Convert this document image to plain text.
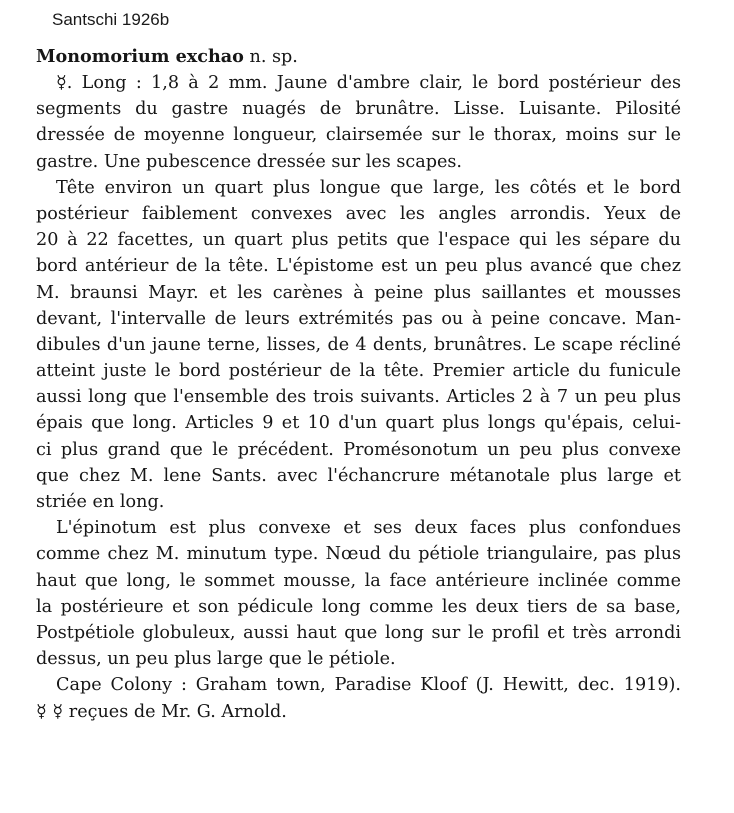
Santschi 1926b
Monomorium exchao n. sp.
☿. Long : 1,8 à 2 mm. Jaune d'ambre clair, le bord postérieur des
segments du gastre nuagés de brunâtre. Lisse. Luisante. Pilosité
dressée de moyenne longueur, clairsemée sur le thorax, moins sur le
gastre. Une pubescence dressée sur les scapes.
Tête environ un quart plus longue que large, les côtés et le bord
postérieur faiblement convexes avec les angles arrondis. Yeux de
20 à 22 facettes, un quart plus petits que l'espace qui les sépare du
bord antérieur de la tête. L'épistome est un peu plus avancé que chez
M. braunsi Mayr. et les carènes à peine plus saillantes et mousses
devant, l'intervalle de leurs extrémités pas ou à peine concave. Man-
dibules d'un jaune terne, lisses, de 4 dents, brunâtres. Le scape récliné
atteint juste le bord postérieur de la tête. Premier article du funicule
aussi long que l'ensemble des trois suivants. Articles 2 à 7 un peu plus
épais que long. Articles 9 et 10 d'un quart plus longs qu'épais, celui-
ci plus grand que le précédent. Promésonotum un peu plus convexe
que chez M. lene Sants. avec l'échancrure métanotale plus large et
striée en long.
L'épinotum est plus convexe et ses deux faces plus confondues
comme chez M. minutum type. Nœud du pétiole triangulaire, pas plus
haut que long, le sommet mousse, la face antérieure inclinée comme
la postérieure et son pédicule long comme les deux tiers de sa base,
Postpétiole globuleux, aussi haut que long sur le profil et très arrondi
dessus, un peu plus large que le pétiole.
Cape Colony : Graham town, Paradise Kloof (J. Hewitt, dec. 1919).
☿ ☿ reçues de Mr. G. Arnold.
